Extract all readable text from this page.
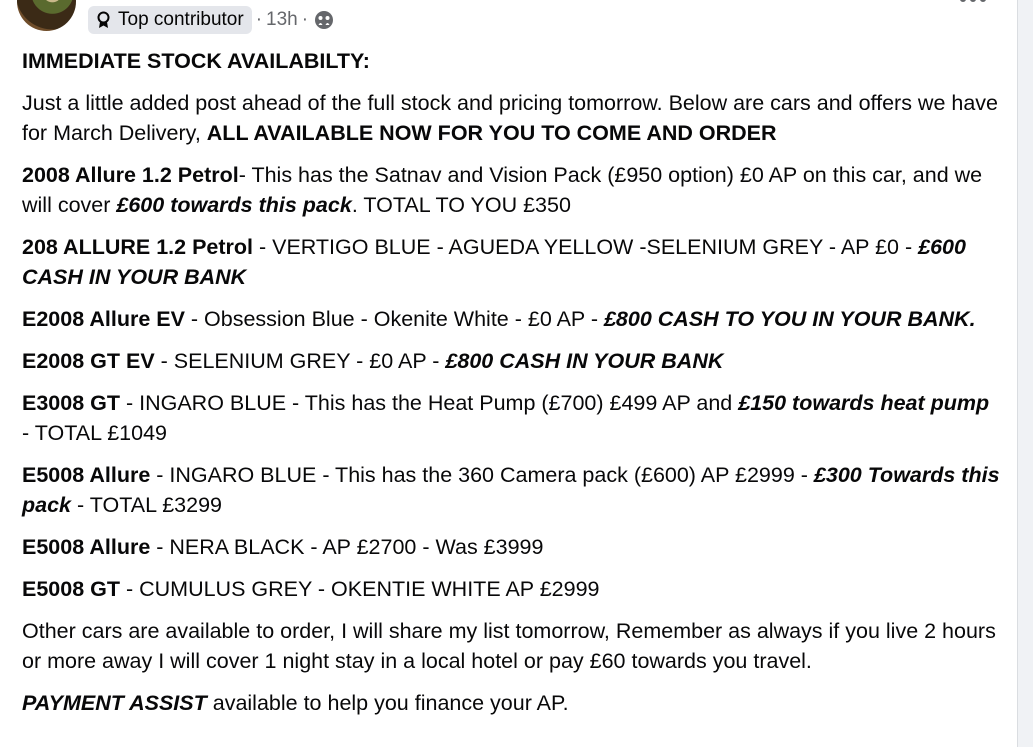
Top contributor · 13h ·

IMMEDIATE STOCK AVAILABILTY:

Just a little added post ahead of the full stock and pricing tomorrow. Below are cars and offers we have for March Delivery, ALL AVAILABLE NOW FOR YOU TO COME AND ORDER

2008 Allure 1.2 Petrol- This has the Satnav and Vision Pack (£950 option) £0 AP on this car, and we will cover £600 towards this pack. TOTAL TO YOU £350

208 ALLURE 1.2 Petrol - VERTIGO BLUE - AGUEDA YELLOW -SELENIUM GREY - AP £0 - £600 CASH IN YOUR BANK

E2008 Allure EV - Obsession Blue - Okenite White - £0 AP - £800 CASH TO YOU IN YOUR BANK.

E2008 GT EV - SELENIUM GREY - £0 AP - £800 CASH IN YOUR BANK

E3008 GT - INGARO BLUE - This has the Heat Pump (£700) £499 AP and £150 towards heat pump - TOTAL £1049

E5008 Allure - INGARO BLUE - This has the 360 Camera pack (£600) AP £2999 - £300 Towards this pack - TOTAL £3299

E5008 Allure - NERA BLACK - AP £2700 - Was £3999

E5008 GT - CUMULUS GREY - OKENTIE WHITE AP £2999

Other cars are available to order, I will share my list tomorrow, Remember as always if you live 2 hours or more away I will cover 1 night stay in a local hotel or pay £60 towards you travel.

PAYMENT ASSIST available to help you finance your AP.
